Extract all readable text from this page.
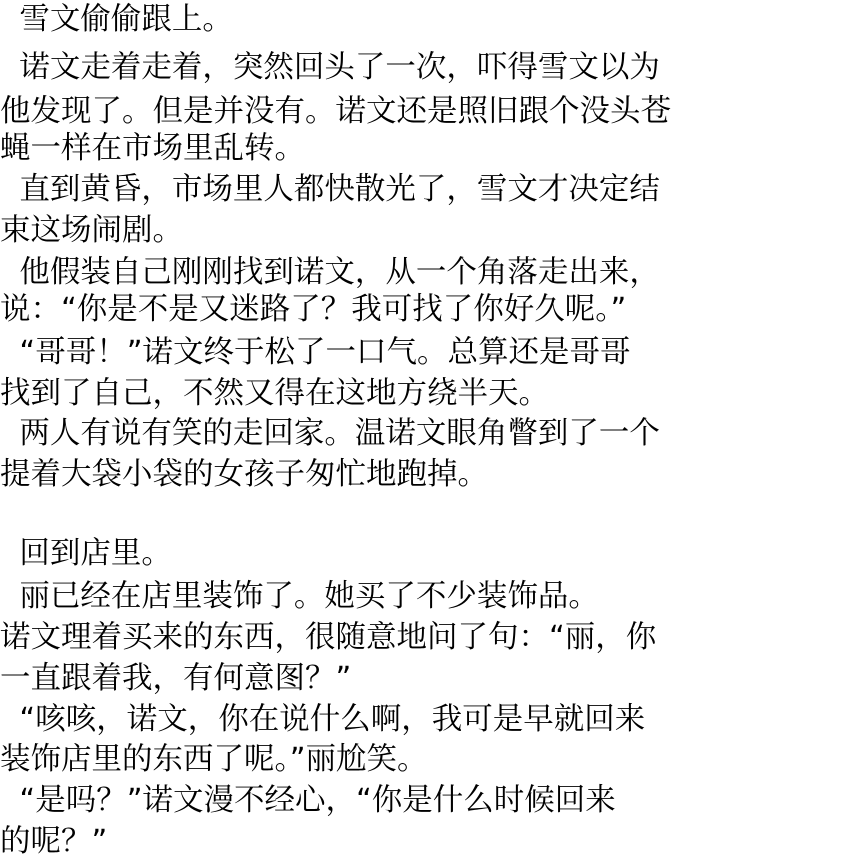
雪文偷偷跟上。
诺文走着走着，突然回头了一次，吓得雪文以为
他发现了。但是并没有。诺文还是照旧跟个没头苍
蝇一样在市场里乱转。
直到黄昏，市场里人都快散光了，雪文才决定结
束这场闹剧。
他假装自己刚刚找到诺文，从一个角落走出来，
说：“你是不是又迷路了？我可找了你好久呢。”
“哥哥！”诺文终于松了一口气。总算还是哥哥
找到了自己，不然又得在这地方绕半天。
两人有说有笑的走回家。温诺文眼角瞥到了一个
提着大袋小袋的女孩子匆忙地跑掉。
回到店里。
丽已经在店里装饰了。她买了不少装饰品。
诺文理着买来的东西，很随意地问了句：“丽，你
一直跟着我，有何意图？”
“咳咳，诺文，你在说什么啊，我可是早就回来
装饰店里的东西了呢。”丽尬笑。
“是吗？”诺文漫不经心，“你是什么时候回来
的呢？”
